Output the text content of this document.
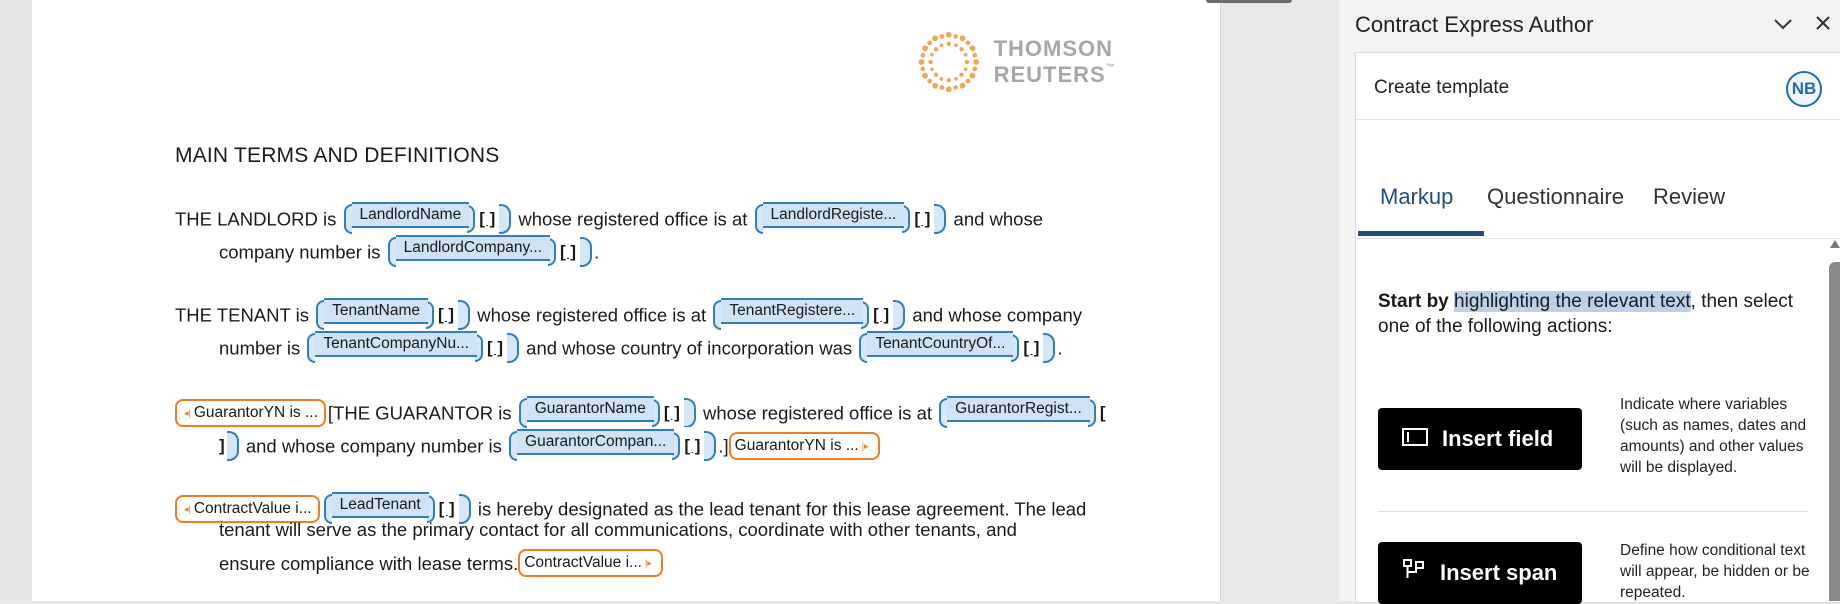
THOMSON REUTERS™
MAIN TERMS AND DEFINITIONS
THE LANDLORD is	LandlordName	[ ] whose registered office is at	LandlordRegiste...	[ ] and whose
company number is	LandlordCompany...	[ ] .
THE TENANT is	TenantName	[ ] whose registered office is at	TenantRegistere...	[ ] and whose company
number is	TenantCompanyNu...	[ ] and whose country of incorporation was	TenantCountryOf...	[ ] .
◂| GuarantorYN is ... [THE GUARANTOR is	GuarantorName	[ ] whose registered office is at	GuarantorRegist...	[
] and whose company number is	GuarantorCompan...	[ ] .] GuarantorYN is ... |▸
◂| ContractValue i...	LeadTenant	[ ] is hereby designated as the lead tenant for this lease agreement. The lead
tenant will serve as the primary contact for all communications, coordinate with other tenants, and
ensure compliance with lease terms. ContractValue i... |▸
Contract Express Author
Create template	NB
Markup Questionnaire Review
Start by highlighting the relevant text, then select one of the following actions:
Insert field
Indicate where variables (such as names, dates and amounts) and other values will be displayed.
Insert span
Define how conditional text will appear, be hidden or be repeated.
